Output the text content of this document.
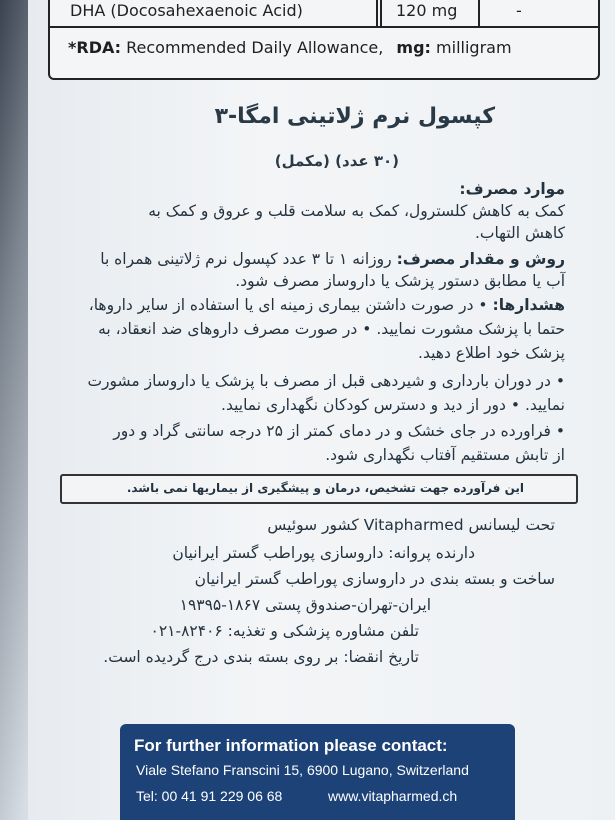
DHA (Docosahexaenoic Acid)	120 mg	-
*RDA: Recommended Daily Allowance, mg: milligram
کپسول نرم ژلاتینی امگا-۳
(۳۰ عدد) (مکمل)
موارد مصرف:
کمک به کاهش کلسترول، کمک به سلامت قلب و عروق و کمک به
کاهش التهاب.
روش و مقدار مصرف: روزانه ۱ تا ۳ عدد کپسول نرم ژلاتینی همراه با
آب یا مطابق دستور پزشک یا داروساز مصرف شود.
هشدارها: • در صورت داشتن بیماری زمینه ای یا استفاده از سایر داروها،
حتما با پزشک مشورت نمایید. • در صورت مصرف داروهای ضد انعقاد، به
پزشک خود اطلاع دهید.
• در دوران بارداری و شیردهی قبل از مصرف با پزشک یا داروساز مشورت
نمایید. • دور از دید و دسترس کودکان نگهداری نمایید.
• فراورده در جای خشک و در دمای کمتر از ۲۵ درجه سانتی گراد و دور
از تابش مستقیم آفتاب نگهداری شود.
این فرآورده جهت تشخیص، درمان و پیشگیری از بیماریها نمی باشد.
تحت لیسانس Vitapharmed کشور سوئیس
دارنده پروانه: داروسازی پوراطب گستر ایرانیان
ساخت و بسته بندی در داروسازی پوراطب گستر ایرانیان
ایران-تهران-صندوق پستی ۱۸۶۷-۱۹۳۹۵
تلفن مشاوره پزشکی و تغذیه: ۸۲۴۰۶-۰۲۱
تاریخ انقضا: بر روی بسته بندی درج گردیده است.
For further information please contact:
Viale Stefano Franscini 15, 6900 Lugano, Switzerland
Tel: 00 41 91 229 06 68	www.vitapharmed.ch
